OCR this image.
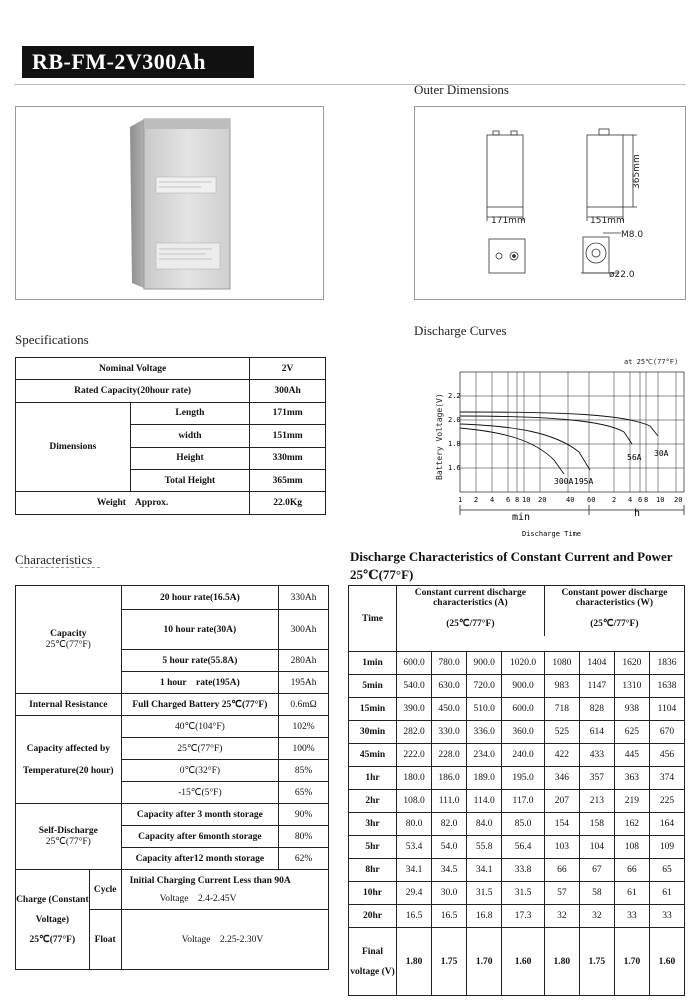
RB-FM-2V300Ah
Outer Dimensions
Specifications
Discharge Curves
Characteristics
171mm	151mm
365mm
M8.0
ø22.0
Nominal Voltage		2V
Rated Capacity(20hour rate)		300Ah
Dimensions	Length	171mm
	width	151mm
	Height	330mm
	Total Height	365mm
Weight    Approx.		22.0Kg
at 25℃(77°F)
Battery Voltage(V) 2.2
2.0
1.8
1.6
1 2 4 6 8 10 20	40 60 2 4 6 8 10 20
300A 195A
56A 30A
min	h
Discharge Time
Capacity
25℃(77°F)		20 hour rate(16.5A)	330Ah
		10 hour rate(30A)	300Ah
		5 hour rate(55.8A)	280Ah
		1 hour    rate(195A)	195Ah
Internal Resistance		Full Charged Battery 25℃(77°F)	0.6mΩ
Capacity affected by Temperature(20 hour)		40℃(104°F)	102%
		25℃(77°F)	100%
		0℃(32°F)	85%
		-15℃(5°F)	65%
Self-Discharge
25℃(77°F)		Capacity after 3 month storage	90%
		Capacity after 6month storage	80%
		Capacity after12 month storage	62%
Charge (Constant Voltage) 25℃(77°F)	Cycle	Initial Charging Current Less than 90A
Voltage    2.4-2.45V	
	Float	Voltage    2.25-2.30V	
Discharge Characteristics of Constant Current and Power 25℃(77°F)
Time	Constant current discharge characteristics (A)				Constant power discharge characteristics (W)			
	(25℃/77°F)				(25℃/77°F)			

1min	600.0	780.0	900.0	1020.0	1080	1404	1620	1836
5min	540.0	630.0	720.0	900.0	983	1147	1310	1638
15min	390.0	450.0	510.0	600.0	718	828	938	1104
30min	282.0	330.0	336.0	360.0	525	614	625	670
45min	222.0	228.0	234.0	240.0	422	433	445	456
1hr	180.0	186.0	189.0	195.0	346	357	363	374
2hr	108.0	111.0	114.0	117.0	207	213	219	225
3hr	80.0	82.0	84.0	85.0	154	158	162	164
5hr	53.4	54.0	55.8	56.4	103	104	108	109
8hr	34.1	34.5	34.1	33.8	66	67	66	65
10hr	29.4	30.0	31.5	31.5	57	58	61	61
20hr	16.5	16.5	16.8	17.3	32	32	33	33
Final voltage (V)	1.80	1.75	1.70	1.60	1.80	1.75	1.70	1.60
